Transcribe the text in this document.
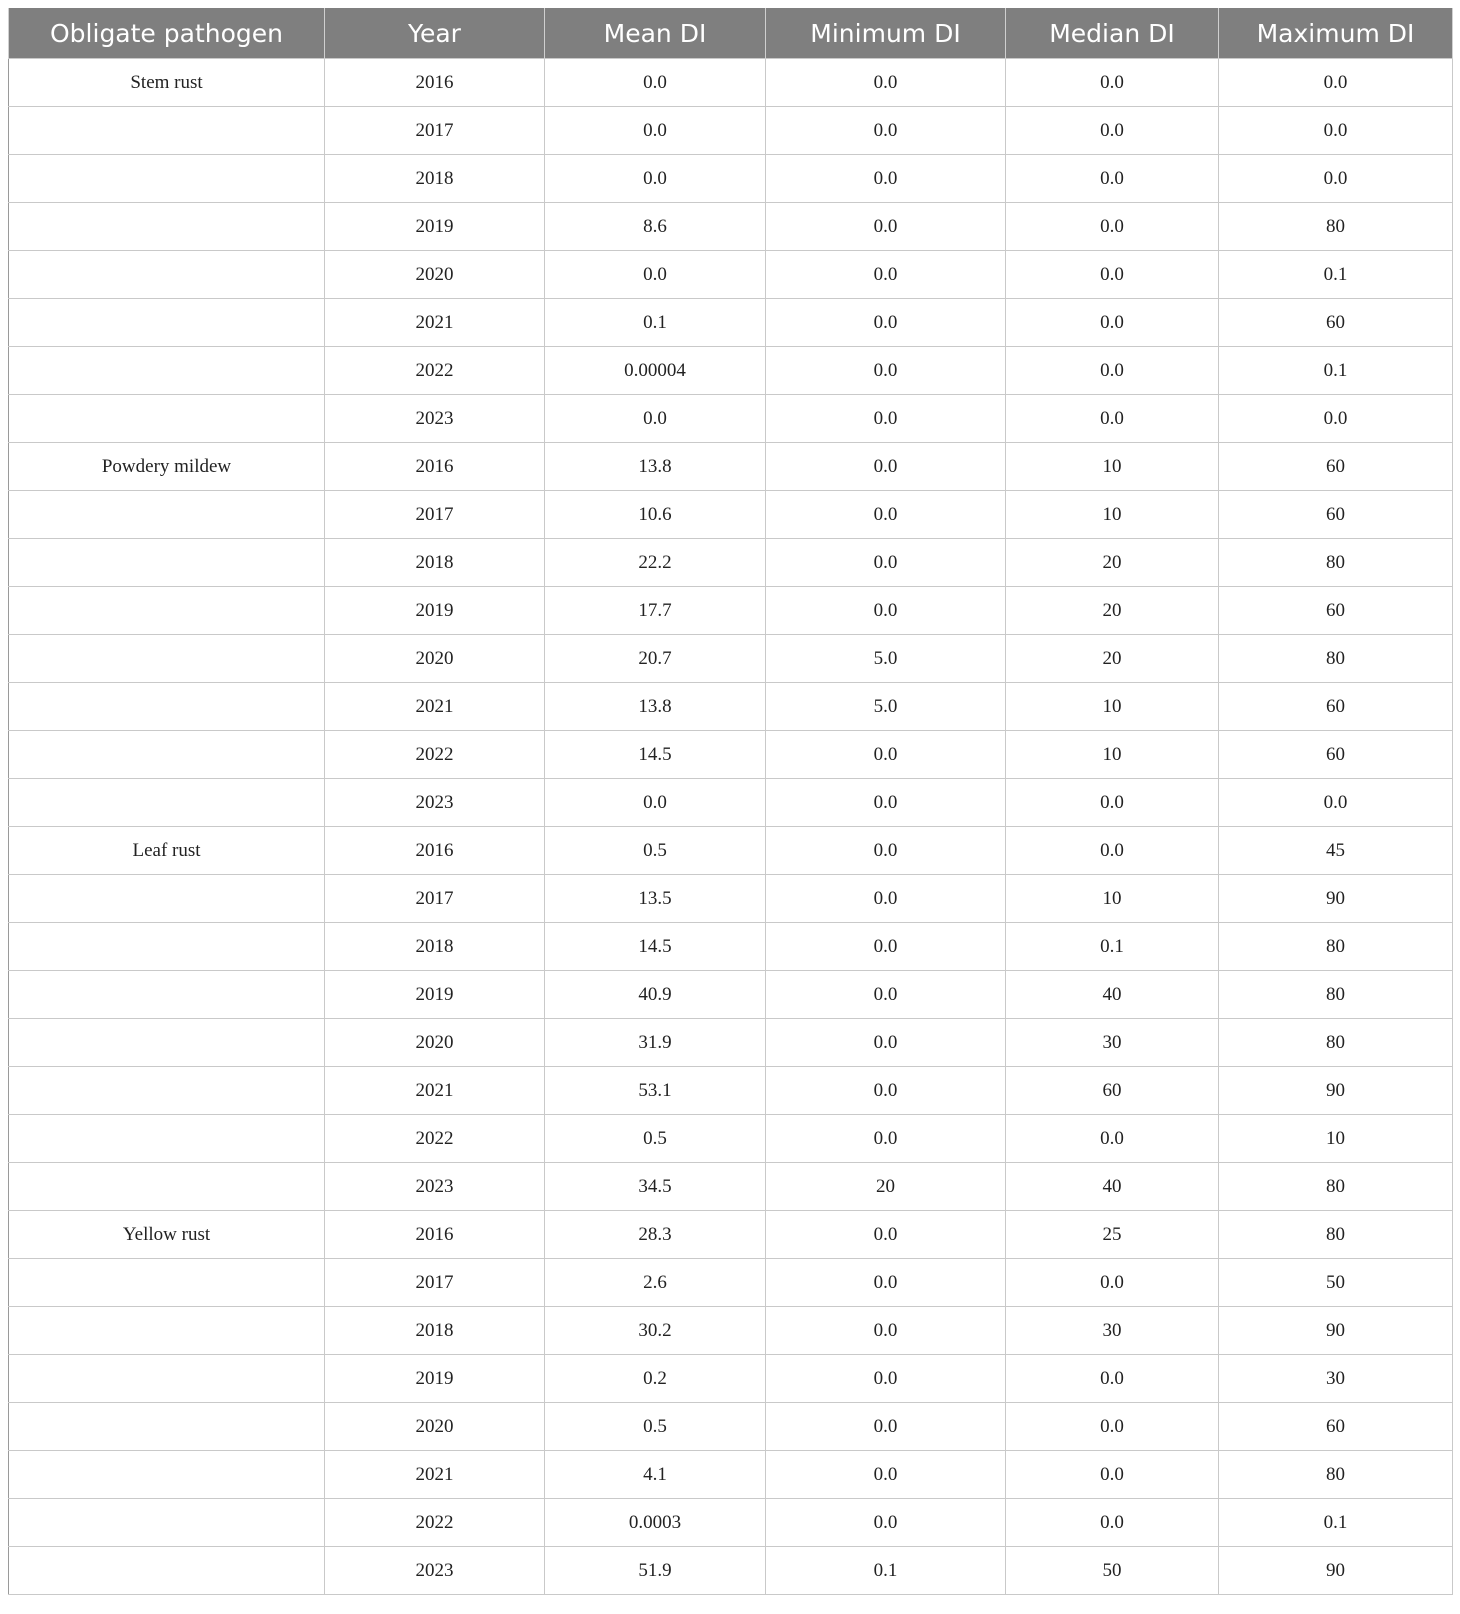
Obligate pathogen	Year	Mean DI	Minimum DI	Median DI	Maximum DI
Stem rust	2016	0.0	0.0	0.0	0.0
	2017	0.0	0.0	0.0	0.0
	2018	0.0	0.0	0.0	0.0
	2019	8.6	0.0	0.0	80
	2020	0.0	0.0	0.0	0.1
	2021	0.1	0.0	0.0	60
	2022	0.00004	0.0	0.0	0.1
	2023	0.0	0.0	0.0	0.0
Powdery mildew	2016	13.8	0.0	10	60
	2017	10.6	0.0	10	60
	2018	22.2	0.0	20	80
	2019	17.7	0.0	20	60
	2020	20.7	5.0	20	80
	2021	13.8	5.0	10	60
	2022	14.5	0.0	10	60
	2023	0.0	0.0	0.0	0.0
Leaf rust	2016	0.5	0.0	0.0	45
	2017	13.5	0.0	10	90
	2018	14.5	0.0	0.1	80
	2019	40.9	0.0	40	80
	2020	31.9	0.0	30	80
	2021	53.1	0.0	60	90
	2022	0.5	0.0	0.0	10
	2023	34.5	20	40	80
Yellow rust	2016	28.3	0.0	25	80
	2017	2.6	0.0	0.0	50
	2018	30.2	0.0	30	90
	2019	0.2	0.0	0.0	30
	2020	0.5	0.0	0.0	60
	2021	4.1	0.0	0.0	80
	2022	0.0003	0.0	0.0	0.1
	2023	51.9	0.1	50	90
